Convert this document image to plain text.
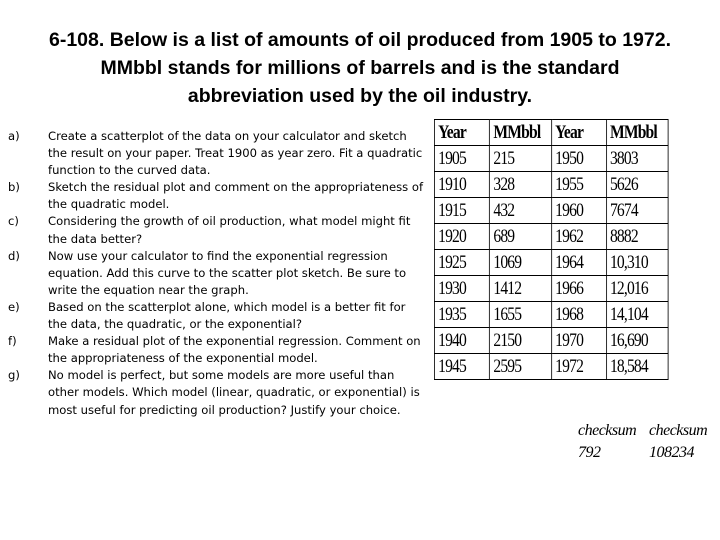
6-108. Below is a list of amounts of oil produced from 1905 to 1972. MMbbl stands for millions of barrels and is the standard abbreviation used by the oil industry.
a)	Create a scatterplot of the data on your calculator and sketch the result on your paper. Treat 1900 as year zero. Fit a quadratic function to the curved data.
b)	Sketch the residual plot and comment on the appropriateness of the quadratic model.
c)	Considering the growth of oil production, what model might fit the data better?
d)	Now use your calculator to find the exponential regression equation. Add this curve to the scatter plot sketch. Be sure to write the equation near the graph.
e)	Based on the scatterplot alone, which model is a better fit for the data, the quadratic, or the exponential?
f)	Make a residual plot of the exponential regression. Comment on the appropriateness of the exponential model.
g)	No model is perfect, but some models are more useful than other models. Which model (linear, quadratic, or exponential) is most useful for predicting oil production? Justify your choice.
Year	MMbbl	Year	MMbbl
1905	215	1950	3803
1910	328	1955	5626
1915	432	1960	7674
1920	689	1962	8882
1925	1069	1964	10,310
1930	1412	1966	12,016
1935	1655	1968	14,104
1940	2150	1970	16,690
1945	2595	1972	18,584
checksum
792
checksum
108234
